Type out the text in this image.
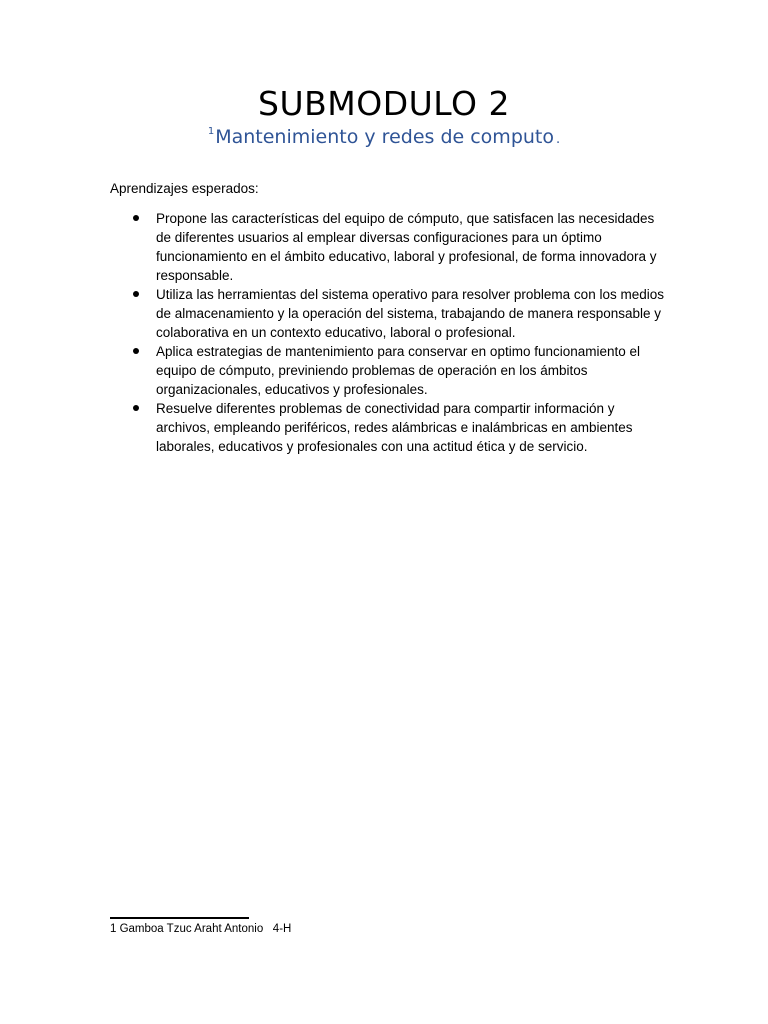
SUBMODULO 2

$^1$Mantenimiento y redes de computo .

Aprendizajes esperados:

Propone las características del equipo de cómputo, que satisfacen las necesidades de diferentes usuarios al emplear diversas configuraciones para un óptimo funcionamiento en el ámbito educativo, laboral y profesional, de forma innovadora y responsable.
Utiliza las herramientas del sistema operativo para resolver problema con los medios de almacenamiento y la operación del sistema, trabajando de manera responsable y colaborativa en un contexto educativo, laboral o profesional.
Aplica estrategias de mantenimiento para conservar en optimo funcionamiento el equipo de cómputo, previniendo problemas de operación en los ámbitos organizacionales, educativos y profesionales.
Resuelve diferentes problemas de conectividad para compartir información y archivos, empleando periféricos, redes alámbricas e inalámbricas en ambientes laborales, educativos y profesionales con una actitud ética y de servicio.

1 Gamboa Tzuc Araht Antonio   4-H
